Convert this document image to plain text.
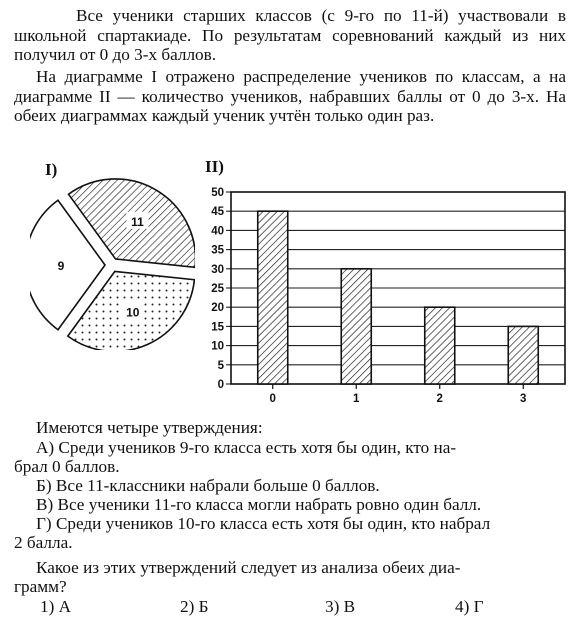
Все ученики старших классов (с 9-го по 11-й) участвовали в школьной спартакиаде. По результатам соревнований каждый из них получил от 0 до 3-х баллов.

На диаграмме I отражено распределение учеников по классам, а на диаграмме II — количество учеников, набравших баллы от 0 до 3-х. На обеих диаграммах каждый ученик учтён только один раз.

I)
9
11
10
II)
0
5
10
15
20
25
30
35
40
45
50
0	1	2	3

Имеются четыре утверждения:

А) Среди учеников 9-го класса есть хотя бы один, кто на-

брал 0 баллов.

Б) Все 11-классники набрали больше 0 баллов.

В) Все ученики 11-го класса могли набрать ровно один балл.

Г) Среди учеников 10-го класса есть хотя бы один, кто набрал

2 балла.

Какое из этих утверждений следует из анализа обеих диа-

грамм?

1) А	2) Б	3) В	4) Г
